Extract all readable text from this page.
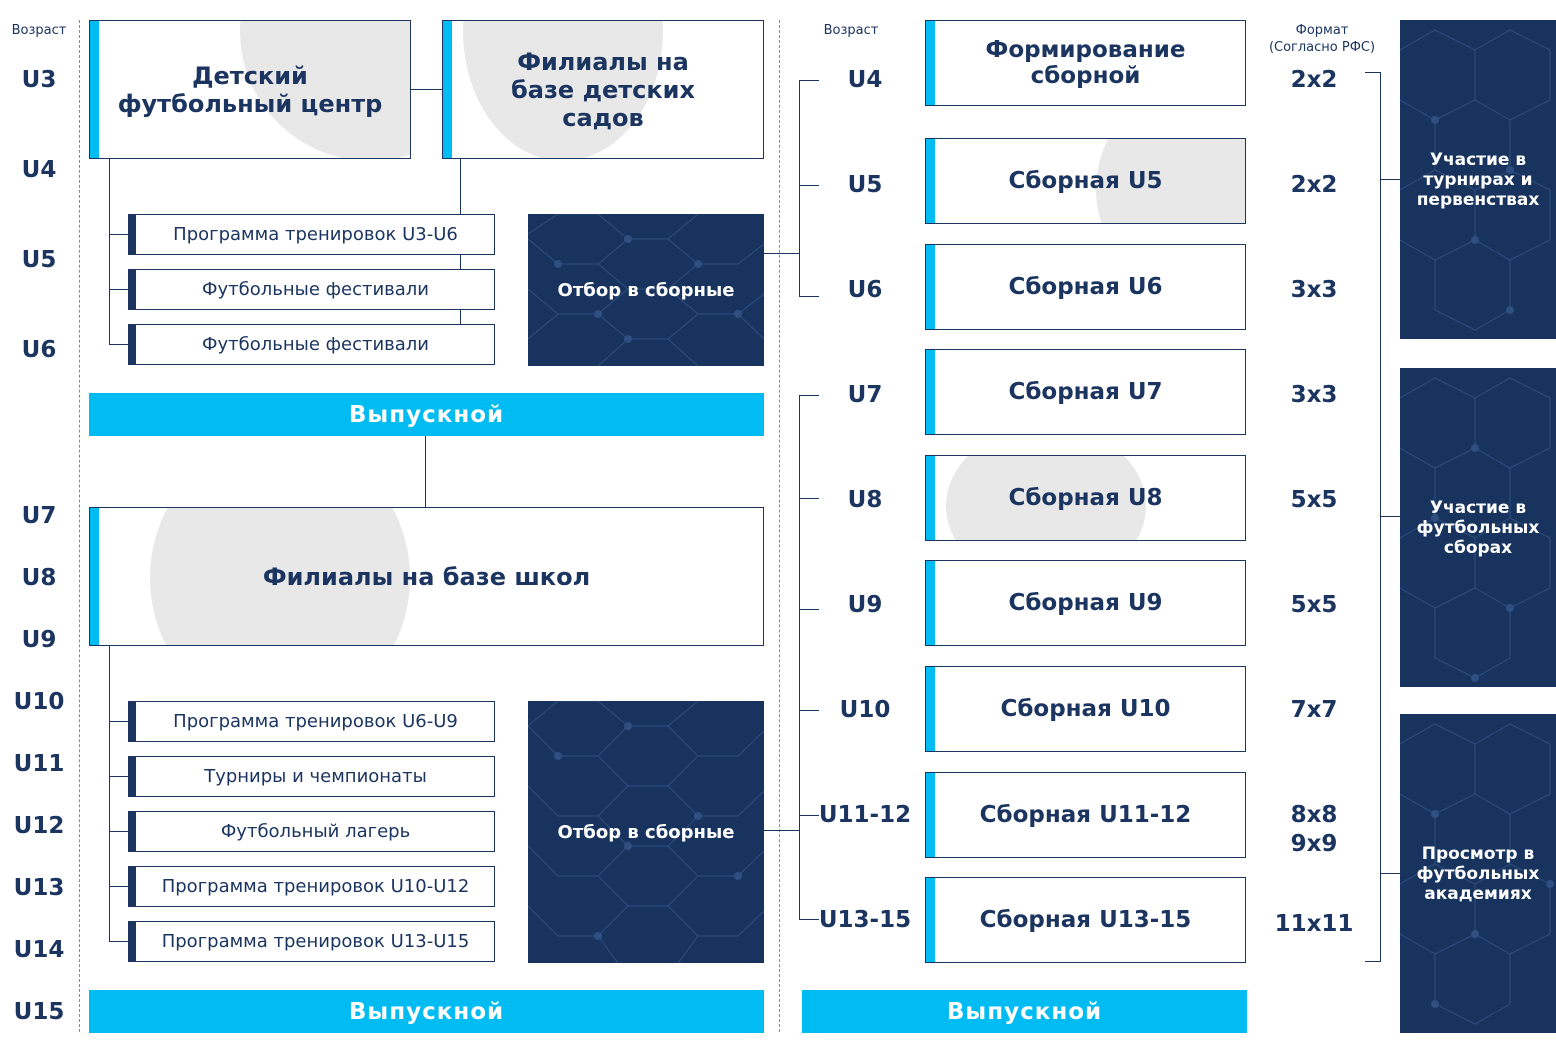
Возраст	Возраст	Формат
(Согласно РФС)
U3
U4
U5
U6
U7
U8
U9
U10
U11
U12
U13
U14
U15
Детский футбольный центр
Филиалы на базе детских садов
Программа тренировок U3-U6
Футбольные фестивали
Футбольные фестивали
Отбор в сборные
Выпускной
Филиалы на базе школ
Программа тренировок U6-U9
Турниры и чемпионаты
Футбольный лагерь
Программа тренировок U10-U12
Программа тренировок U13-U15
Отбор в сборные
Выпускной
U4
U5
U6
U7
U8
U9
U10
U11-12
U13-15
Формирование сборной
Сборная U5
Сборная U6
Сборная U7
Сборная U8
Сборная U9
Сборная U10
Сборная U11-12
Сборная U13-15
Выпускной
2x2
2x2
3x3
3x3
5x5
5x5
7x7
8x8
9x9
11x11
Участие в турнирах и первенствах
Участие в футбольных сборах
Просмотр в футбольных академиях
